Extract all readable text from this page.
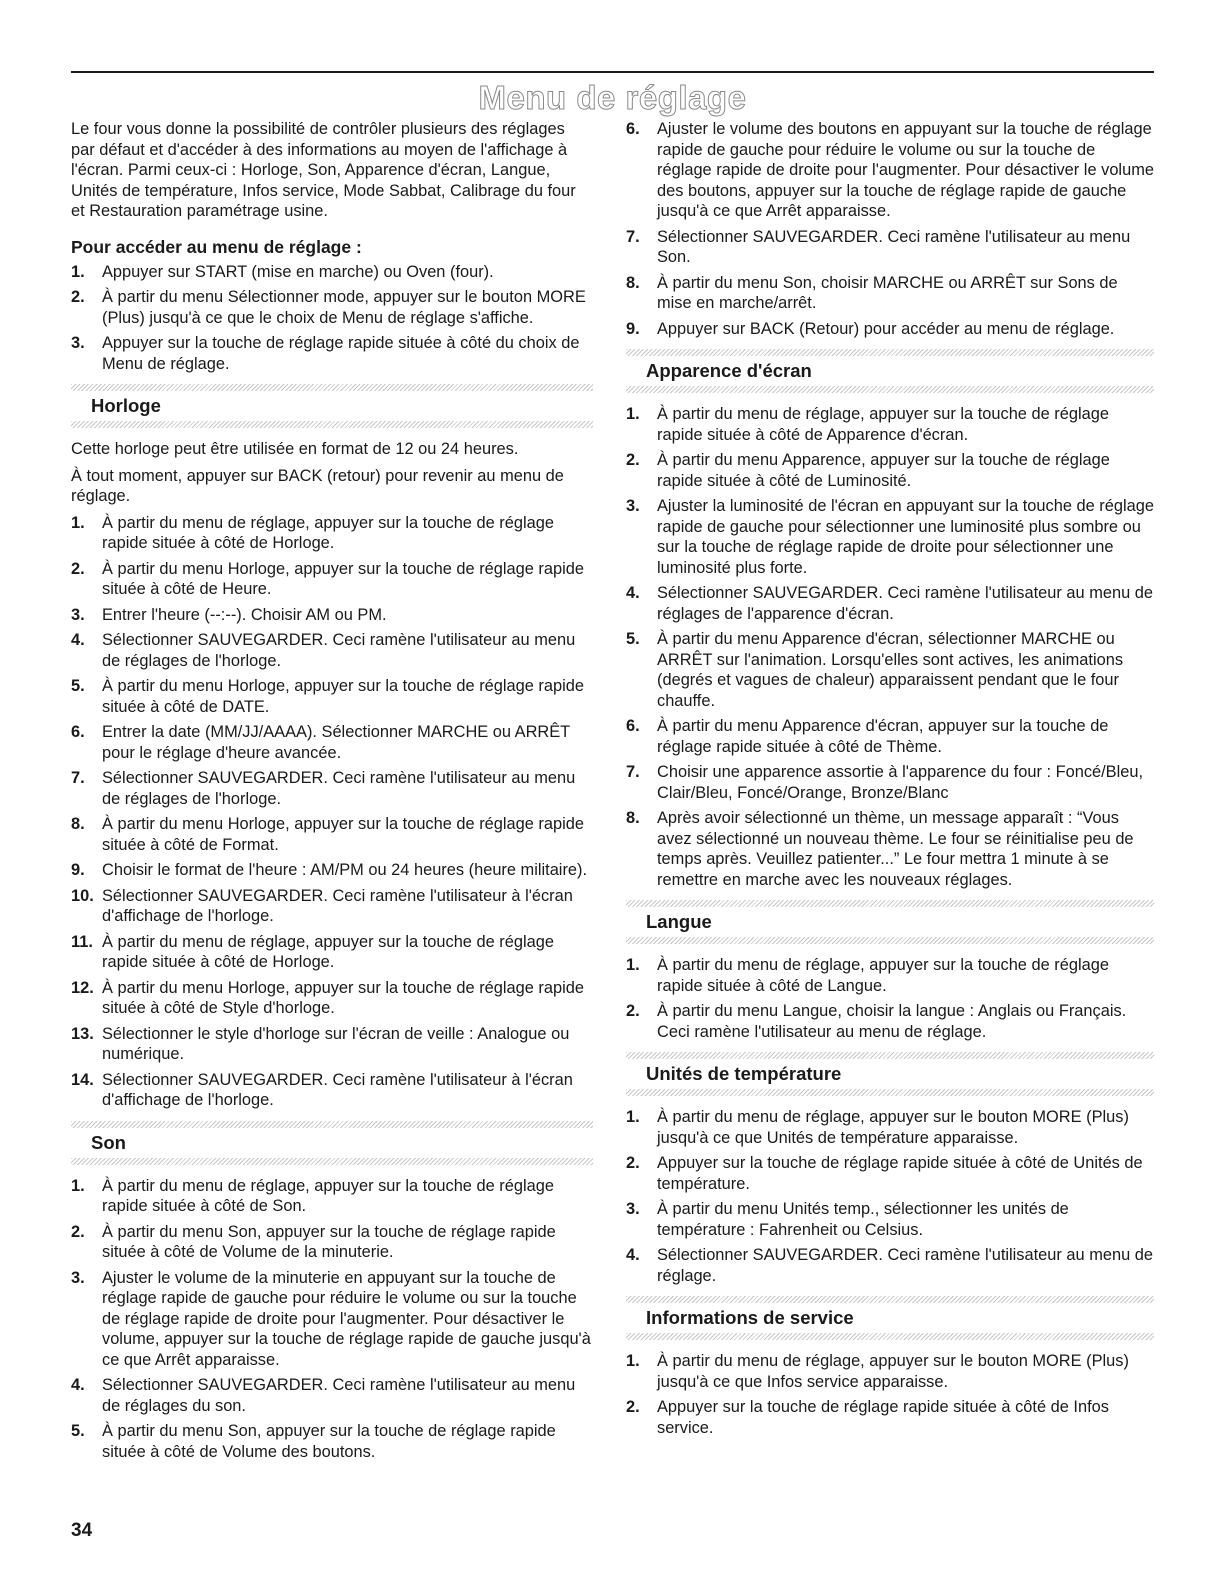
Menu de réglage

Le four vous donne la possibilité de contrôler plusieurs des réglages par défaut et d'accéder à des informations au moyen de l'affichage à l'écran. Parmi ceux-ci : Horloge, Son, Apparence d'écran, Langue, Unités de température, Infos service, Mode Sabbat, Calibrage du four et Restauration paramétrage usine.

Pour accéder au menu de réglage :
1. Appuyer sur START (mise en marche) ou Oven (four).
2. À partir du menu Sélectionner mode, appuyer sur le bouton MORE (Plus) jusqu'à ce que le choix de Menu de réglage s'affiche.
3. Appuyer sur la touche de réglage rapide située à côté du choix de Menu de réglage.
Horloge

Cette horloge peut être utilisée en format de 12 ou 24 heures.

À tout moment, appuyer sur BACK (retour) pour revenir au menu de réglage.

1. À partir du menu de réglage, appuyer sur la touche de réglage rapide située à côté de Horloge.
2. À partir du menu Horloge, appuyer sur la touche de réglage rapide située à côté de Heure.
3. Entrer l'heure (--:--). Choisir AM ou PM.
4. Sélectionner SAUVEGARDER. Ceci ramène l'utilisateur au menu de réglages de l'horloge.
5. À partir du menu Horloge, appuyer sur la touche de réglage rapide située à côté de DATE.
6. Entrer la date (MM/JJ/AAAA). Sélectionner MARCHE ou ARRÊT pour le réglage d'heure avancée.
7. Sélectionner SAUVEGARDER. Ceci ramène l'utilisateur au menu de réglages de l'horloge.
8. À partir du menu Horloge, appuyer sur la touche de réglage rapide située à côté de Format.
9. Choisir le format de l'heure : AM/PM ou 24 heures (heure militaire).
10. Sélectionner SAUVEGARDER. Ceci ramène l'utilisateur à l'écran d'affichage de l'horloge.
11. À partir du menu de réglage, appuyer sur la touche de réglage rapide située à côté de Horloge.
12. À partir du menu Horloge, appuyer sur la touche de réglage rapide située à côté de Style d'horloge.
13. Sélectionner le style d'horloge sur l'écran de veille : Analogue ou numérique.
14. Sélectionner SAUVEGARDER. Ceci ramène l'utilisateur à l'écran d'affichage de l'horloge.
Son
1. À partir du menu de réglage, appuyer sur la touche de réglage rapide située à côté de Son.
2. À partir du menu Son, appuyer sur la touche de réglage rapide située à côté de Volume de la minuterie.
3. Ajuster le volume de la minuterie en appuyant sur la touche de réglage rapide de gauche pour réduire le volume ou sur la touche de réglage rapide de droite pour l'augmenter. Pour désactiver le volume, appuyer sur la touche de réglage rapide de gauche jusqu'à ce que Arrêt apparaisse.
4. Sélectionner SAUVEGARDER. Ceci ramène l'utilisateur au menu de réglages du son.
5. À partir du menu Son, appuyer sur la touche de réglage rapide située à côté de Volume des boutons.
6. Ajuster le volume des boutons en appuyant sur la touche de réglage rapide de gauche pour réduire le volume ou sur la touche de réglage rapide de droite pour l'augmenter. Pour désactiver le volume des boutons, appuyer sur la touche de réglage rapide de gauche jusqu'à ce que Arrêt apparaisse.
7. Sélectionner SAUVEGARDER. Ceci ramène l'utilisateur au menu Son.
8. À partir du menu Son, choisir MARCHE ou ARRÊT sur Sons de mise en marche/arrêt.
9. Appuyer sur BACK (Retour) pour accéder au menu de réglage.
Apparence d'écran
1. À partir du menu de réglage, appuyer sur la touche de réglage rapide située à côté de Apparence d'écran.
2. À partir du menu Apparence, appuyer sur la touche de réglage rapide située à côté de Luminosité.
3. Ajuster la luminosité de l'écran en appuyant sur la touche de réglage rapide de gauche pour sélectionner une luminosité plus sombre ou sur la touche de réglage rapide de droite pour sélectionner une luminosité plus forte.
4. Sélectionner SAUVEGARDER. Ceci ramène l'utilisateur au menu de réglages de l'apparence d'écran.
5. À partir du menu Apparence d'écran, sélectionner MARCHE ou ARRÊT sur l'animation. Lorsqu'elles sont actives, les animations (degrés et vagues de chaleur) apparaissent pendant que le four chauffe.
6. À partir du menu Apparence d'écran, appuyer sur la touche de réglage rapide située à côté de Thème.
7. Choisir une apparence assortie à l'apparence du four : Foncé/Bleu, Clair/Bleu, Foncé/Orange, Bronze/Blanc
8. Après avoir sélectionné un thème, un message apparaît : “Vous avez sélectionné un nouveau thème. Le four se réinitialise peu de temps après. Veuillez patienter...” Le four mettra 1 minute à se remettre en marche avec les nouveaux réglages.
Langue
1. À partir du menu de réglage, appuyer sur la touche de réglage rapide située à côté de Langue.
2. À partir du menu Langue, choisir la langue : Anglais ou Français. Ceci ramène l'utilisateur au menu de réglage.
Unités de température
1. À partir du menu de réglage, appuyer sur le bouton MORE (Plus) jusqu'à ce que Unités de température apparaisse.
2. Appuyer sur la touche de réglage rapide située à côté de Unités de température.
3. À partir du menu Unités temp., sélectionner les unités de température : Fahrenheit ou Celsius.
4. Sélectionner SAUVEGARDER. Ceci ramène l'utilisateur au menu de réglage.
Informations de service
1. À partir du menu de réglage, appuyer sur le bouton MORE (Plus) jusqu'à ce que Infos service apparaisse.
2. Appuyer sur la touche de réglage rapide située à côté de Infos service.
34
